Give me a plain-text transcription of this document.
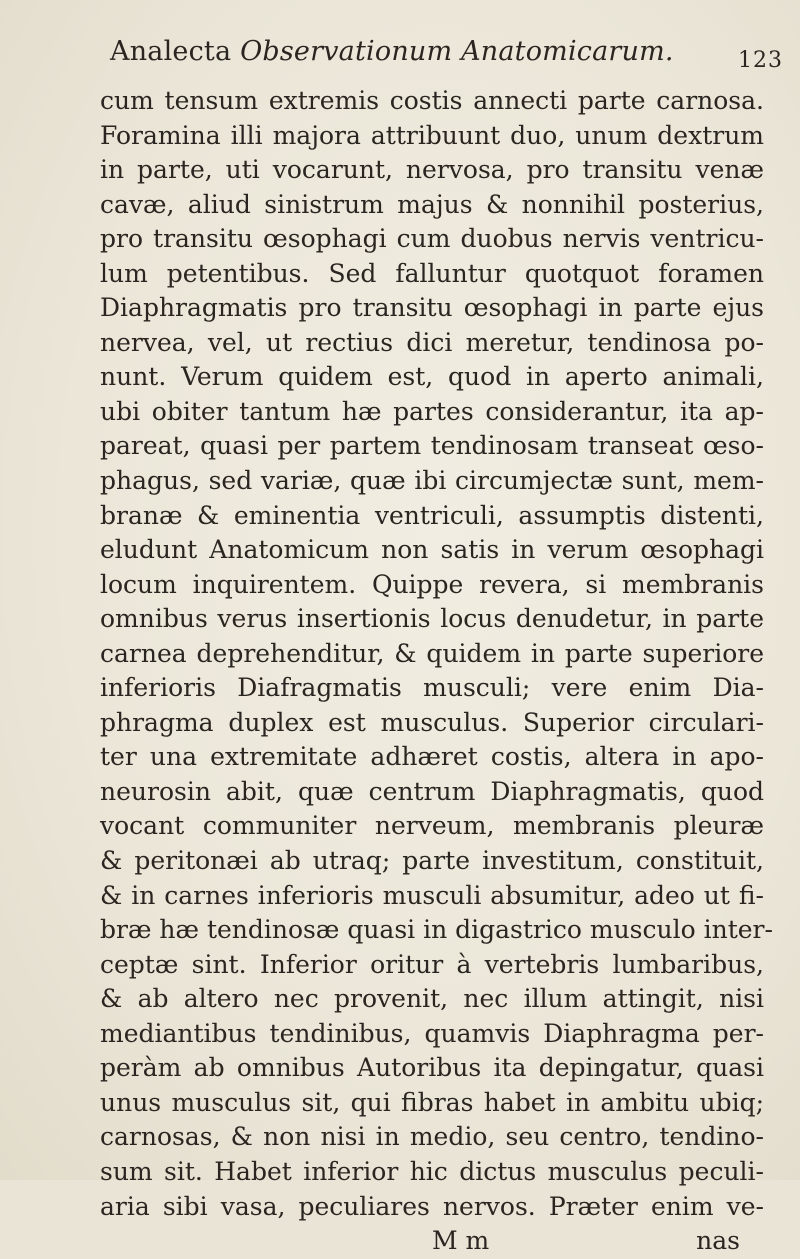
Analecta Observationum Anatomicarum.	123
cum tensum extremis costis annecti parte carnosa.
Foramina illi majora attribuunt duo, unum dextrum
in parte, uti vocarunt, nervosa, pro transitu venæ
cavæ, aliud sinistrum majus & nonnihil posterius,
pro transitu œsophagi cum duobus nervis ventricu-
lum petentibus. Sed falluntur quotquot foramen
Diaphragmatis pro transitu œsophagi in parte ejus
nervea, vel, ut rectius dici meretur, tendinosa po-
nunt. Verum quidem est, quod in aperto animali,
ubi obiter tantum hæ partes considerantur, ita ap-
pareat, quasi per partem tendinosam transeat œso-
phagus, sed variæ, quæ ibi circumjectæ sunt, mem-
branæ & eminentia ventriculi, assumptis distenti,
eludunt Anatomicum non satis in verum œsophagi
locum inquirentem. Quippe revera, si membranis
omnibus verus insertionis locus denudetur, in parte
carnea deprehenditur, & quidem in parte superiore
inferioris Diafragmatis musculi; vere enim Dia-
phragma duplex est musculus. Superior circulari-
ter una extremitate adhæret costis, altera in apo-
neurosin abit, quæ centrum Diaphragmatis, quod
vocant communiter nerveum, membranis pleuræ
& peritonæi ab utraq; parte investitum, constituit,
& in carnes inferioris musculi absumitur, adeo ut fi-
bræ hæ tendinosæ quasi in digastrico musculo inter-
ceptæ sint. Inferior oritur à vertebris lumbaribus,
& ab altero nec provenit, nec illum attingit, nisi
mediantibus tendinibus, quamvis Diaphragma per-
peràm ab omnibus Autoribus ita depingatur, quasi
unus musculus sit, qui fibras habet in ambitu ubiq;
carnosas, & non nisi in medio, seu centro, tendino-
sum sit. Habet inferior hic dictus musculus peculi-
aria sibi vasa, peculiares nervos. Præter enim ve-
M m	nas
